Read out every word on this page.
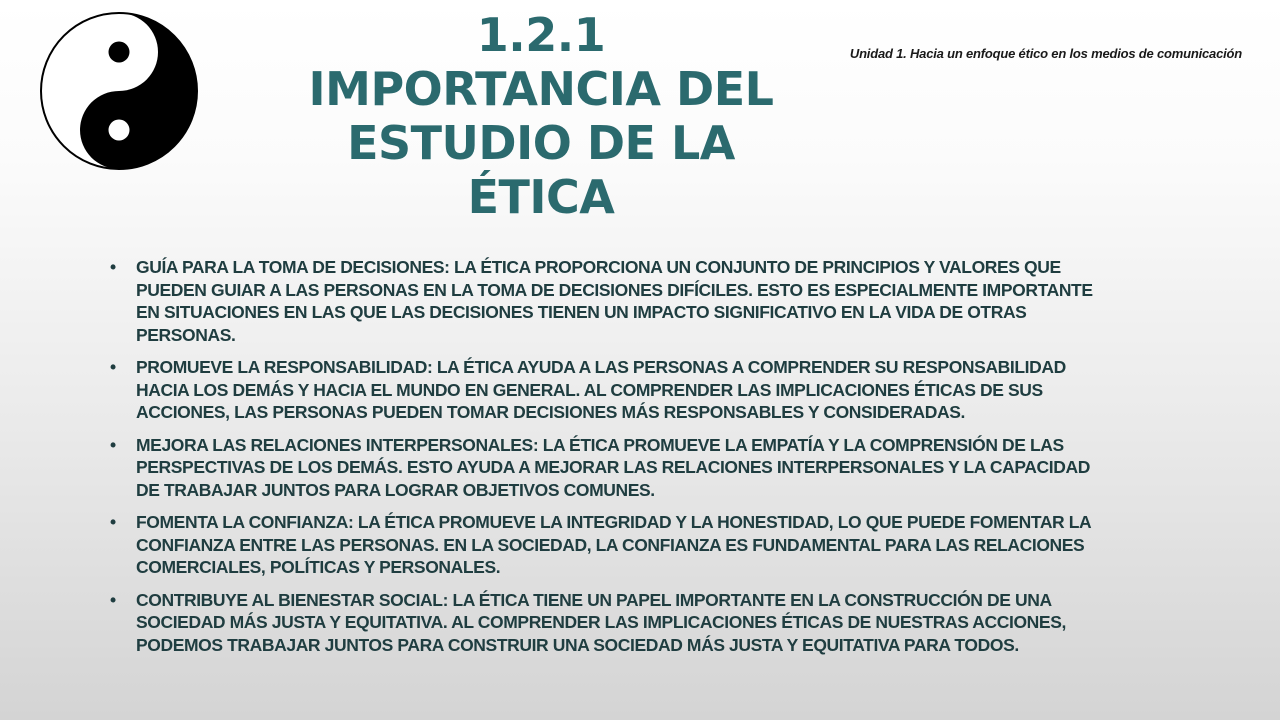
1.2.1
IMPORTANCIA DEL
ESTUDIO DE LA
ÉTICA

Unidad 1. Hacia un enfoque ético en los medios de comunicación

• GUÍA PARA LA TOMA DE DECISIONES: LA ÉTICA PROPORCIONA UN CONJUNTO DE PRINCIPIOS Y VALORES QUE PUEDEN GUIAR A LAS PERSONAS EN LA TOMA DE DECISIONES DIFÍCILES. ESTO ES ESPECIALMENTE IMPORTANTE EN SITUACIONES EN LAS QUE LAS DECISIONES TIENEN UN IMPACTO SIGNIFICATIVO EN LA VIDA DE OTRAS PERSONAS.
• PROMUEVE LA RESPONSABILIDAD: LA ÉTICA AYUDA A LAS PERSONAS A COMPRENDER SU RESPONSABILIDAD HACIA LOS DEMÁS Y HACIA EL MUNDO EN GENERAL. AL COMPRENDER LAS IMPLICACIONES ÉTICAS DE SUS ACCIONES, LAS PERSONAS PUEDEN TOMAR DECISIONES MÁS RESPONSABLES Y CONSIDERADAS.
• MEJORA LAS RELACIONES INTERPERSONALES: LA ÉTICA PROMUEVE LA EMPATÍA Y LA COMPRENSIÓN DE LAS PERSPECTIVAS DE LOS DEMÁS. ESTO AYUDA A MEJORAR LAS RELACIONES INTERPERSONALES Y LA CAPACIDAD DE TRABAJAR JUNTOS PARA LOGRAR OBJETIVOS COMUNES.
• FOMENTA LA CONFIANZA: LA ÉTICA PROMUEVE LA INTEGRIDAD Y LA HONESTIDAD, LO QUE PUEDE FOMENTAR LA CONFIANZA ENTRE LAS PERSONAS. EN LA SOCIEDAD, LA CONFIANZA ES FUNDAMENTAL PARA LAS RELACIONES COMERCIALES, POLÍTICAS Y PERSONALES.
• CONTRIBUYE AL BIENESTAR SOCIAL: LA ÉTICA TIENE UN PAPEL IMPORTANTE EN LA CONSTRUCCIÓN DE UNA SOCIEDAD MÁS JUSTA Y EQUITATIVA. AL COMPRENDER LAS IMPLICACIONES ÉTICAS DE NUESTRAS ACCIONES, PODEMOS TRABAJAR JUNTOS PARA CONSTRUIR UNA SOCIEDAD MÁS JUSTA Y EQUITATIVA PARA TODOS.
